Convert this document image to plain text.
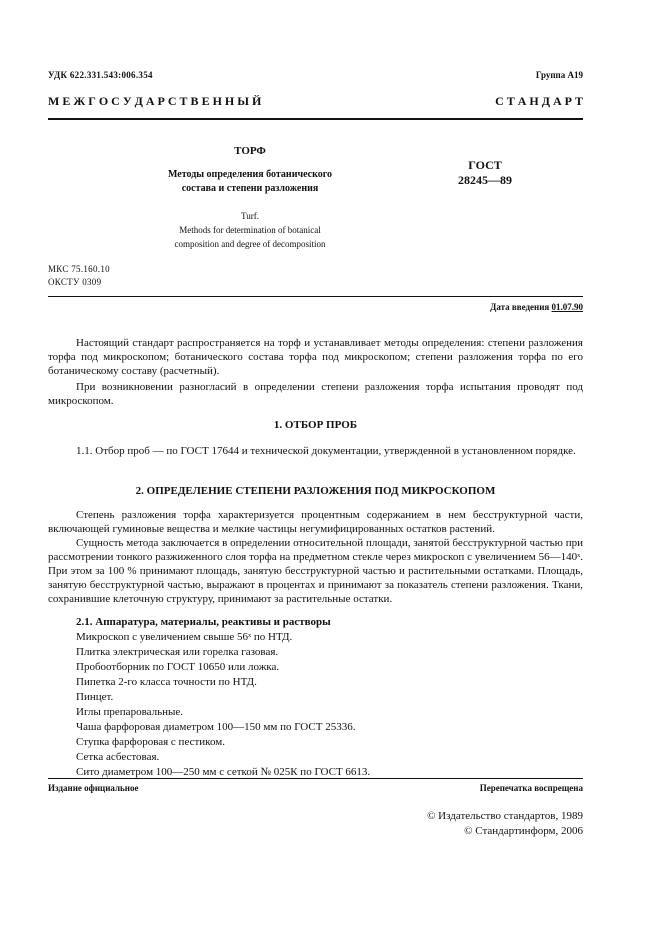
УДК 622.331.543:006.354	Группа А19
М Е Ж Г О С У Д А Р С Т В Е Н Н Ы Й	С Т А Н Д А Р Т
ТОРФ
Методы определения ботанического состава и степени разложения
Turf.
Methods for determination of botanical
composition and degree of decomposition
ГОСТ
28245—89
МКС 75.160.10
ОКСТУ 0309
Дата введения 01.07.90
Настоящий стандарт распространяется на торф и устанавливает методы определения: степени разложения торфа под микроскопом; ботанического состава торфа под микроскопом; степени разложения торфа по его ботаническому составу (расчетный).
При возникновении разногласий в определении степени разложения торфа испытания проводят под микроскопом.
1. ОТБОР ПРОБ
1.1. Отбор проб — по ГОСТ 17644 и технической документации, утвержденной в установленном порядке.
2. ОПРЕДЕЛЕНИЕ СТЕПЕНИ РАЗЛОЖЕНИЯ ПОД МИКРОСКОПОМ
Степень разложения торфа характеризуется процентным содержанием в нем бесструктурной части, включающей гуминовые вещества и мелкие частицы негумифицированных остатков растений.
Сущность метода заключается в определении относительной площади, занятой бесструктурной частью при рассмотрении тонкого разжиженного слоя торфа на предметном стекле через микроскоп с увеличением 56—140ˣ. При этом за 100 % принимают площадь, занятую бесструктурной частью и растительными остатками. Площадь, занятую бесструктурной частью, выражают в процентах и принимают за показатель степени разложения. Ткани, сохранившие клеточную структуру, принимают за растительные остатки.
2.1. Аппаратура, материалы, реактивы и растворы
Микроскоп с увеличением свыше 56ˣ по НТД.
Плитка электрическая или горелка газовая.
Пробоотборник по ГОСТ 10650 или ложка.
Пипетка 2-го класса точности по НТД.
Пинцет.
Иглы препаровальные.
Чаша фарфоровая диаметром 100—150 мм по ГОСТ 25336.
Ступка фарфоровая с пестиком.
Сетка асбестовая.
Сито диаметром 100—250 мм с сеткой № 025К по ГОСТ 6613.
Издание официальное	Перепечатка воспрещена
© Издательство стандартов, 1989
© Стандартинформ, 2006
